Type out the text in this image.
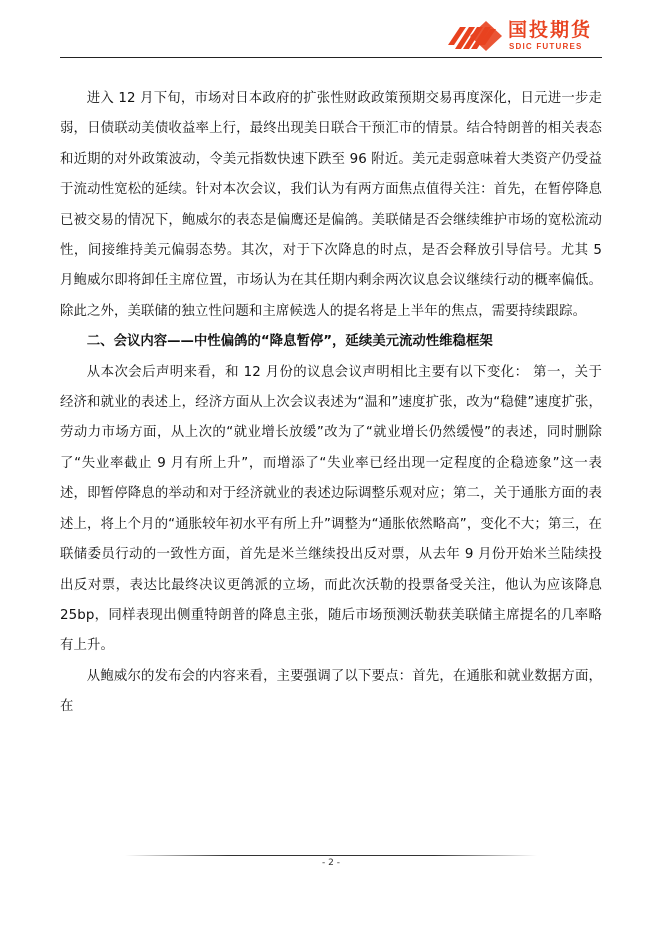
国投期货
SDIC FUTURES

进入 12 月下旬，市场对日本政府的扩张性财政政策预期交易再度深化，日元进一步走弱，日债联动美债收益率上行，最终出现美日联合干预汇市的情景。结合特朗普的相关表态和近期的对外政策波动，令美元指数快速下跌至 96 附近。美元走弱意味着大类资产仍受益于流动性宽松的延续。针对本次会议，我们认为有两方面焦点值得关注：首先，在暂停降息已被交易的情况下，鲍威尔的表态是偏鹰还是偏鸽。美联储是否会继续维护市场的宽松流动性，间接维持美元偏弱态势。其次，对于下次降息的时点，是否会释放引导信号。尤其 5 月鲍威尔即将卸任主席位置，市场认为在其任期内剩余两次议息会议继续行动的概率偏低。除此之外，美联储的独立性问题和主席候选人的提名将是上半年的焦点，需要持续跟踪。

二、会议内容——中性偏鸽的“降息暂停”，延续美元流动性维稳框架

从本次会后声明来看，和 12 月份的议息会议声明相比主要有以下变化： 第一，关于经济和就业的表述上，经济方面从上次会议表述为“温和”速度扩张，改为“稳健”速度扩张，劳动力市场方面，从上次的“就业增长放缓”改为了“就业增长仍然缓慢”的表述，同时删除了“失业率截止 9 月有所上升”，而增添了“失业率已经出现一定程度的企稳迹象”这一表述，即暂停降息的举动和对于经济就业的表述边际调整乐观对应；第二，关于通胀方面的表述上，将上个月的“通胀较年初水平有所上升”调整为“通胀依然略高”，变化不大；第三，在联储委员行动的一致性方面，首先是米兰继续投出反对票，从去年 9 月份开始米兰陆续投出反对票，表达比最终决议更鸽派的立场，而此次沃勒的投票备受关注，他认为应该降息 25bp，同样表现出侧重特朗普的降息主张，随后市场预测沃勒获美联储主席提名的几率略有上升。

从鲍威尔的发布会的内容来看，主要强调了以下要点：首先，在通胀和就业数据方面，在

- 2 -
